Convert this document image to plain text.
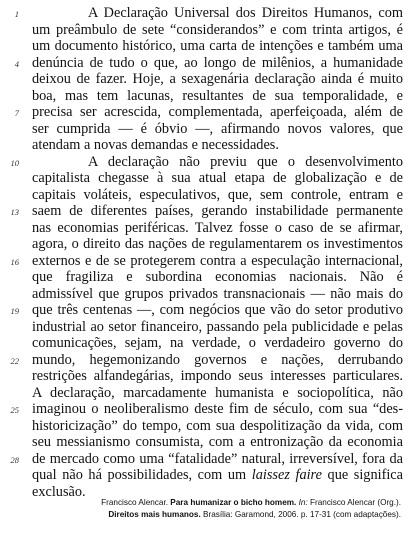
1	A Declaração Universal dos Direitos Humanos, com
um preâmbulo de sete “considerandos” e com trinta artigos, é
um documento histórico, uma carta de intenções e também uma
4 denúncia de tudo o que, ao longo de milênios, a humanidade
deixou de fazer. Hoje, a sexagenária declaração ainda é muito
boa, mas tem lacunas, resultantes de sua temporalidade, e
7 precisa ser acrescida, complementada, aperfeiçoada, além de
ser cumprida — é óbvio —, afirmando novos valores, que
atendam a novas demandas e necessidades.
10	A declaração não previu que o desenvolvimento
capitalista chegasse à sua atual etapa de globalização e de
capitais voláteis, especulativos, que, sem controle, entram e
13 saem de diferentes países, gerando instabilidade permanente
nas economias periféricas. Talvez fosse o caso de se afirmar,
agora, o direito das nações de regulamentarem os investimentos
16 externos e de se protegerem contra a especulação internacional,
que fragiliza e subordina economias nacionais. Não é
admissível que grupos privados transnacionais — não mais do
19 que três centenas —, com negócios que vão do setor produtivo
industrial ao setor financeiro, passando pela publicidade e pelas
comunicações, sejam, na verdade, o verdadeiro governo do
22 mundo, hegemonizando governos e nações, derrubando
restrições alfandegárias, impondo seus interesses particulares.
A declaração, marcadamente humanista e sociopolítica, não
25 imaginou o neoliberalismo deste fim de século, com sua “des-
historicização” do tempo, com sua despolitização da vida, com
seu messianismo consumista, com a entronização da economia
28 de mercado como uma “fatalidade” natural, irreversível, fora da
qual não há possibilidades, com um laissez faire que significa
exclusão.
Francisco Alencar. Para humanizar o bicho homem. In: Francisco Alencar (Org.).
Direitos mais humanos. Brasília: Garamond, 2006. p. 17-31 (com adaptações).
